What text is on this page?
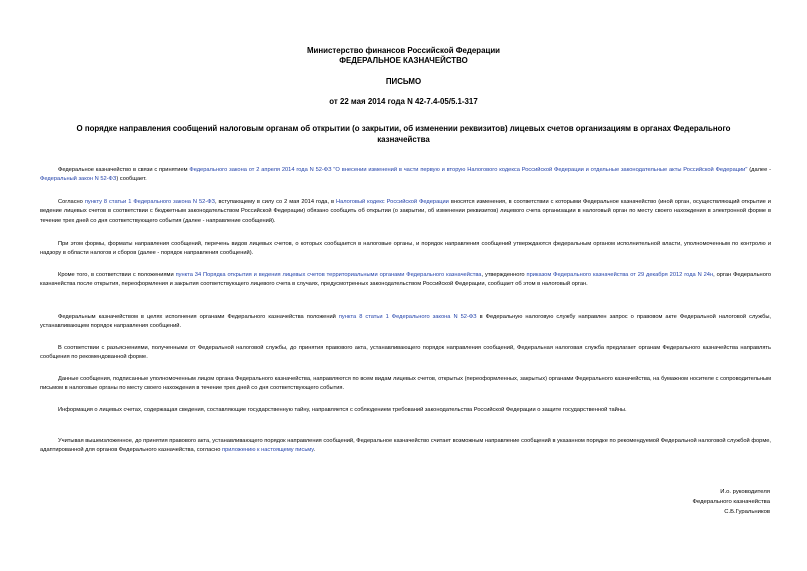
Министерство финансов Российской Федерации
ФЕДЕРАЛЬНОЕ КАЗНАЧЕЙСТВО
ПИСЬМО
от 22 мая 2014 года N 42-7.4-05/5.1-317
О порядке направления сообщений налоговым органам об открытии (о закрытии, об изменении реквизитов) лицевых счетов организациям в органах Федерального казначейства
Федеральное казначейство в связи с принятием Федерального закона от 2 апреля 2014 года N 52-ФЗ "О внесении изменений в части первую и вторую Налогового кодекса Российской Федерации и отдельные законодательные акты Российской Федерации" (далее - Федеральный закон N 52-ФЗ) сообщает.
Согласно пункту 8 статьи 1 Федерального закона N 52-ФЗ, вступающему в силу со 2 мая 2014 года, в Налоговый кодекс Российской Федерации вносятся изменения, в соответствии с которыми Федеральное казначейство (иной орган, осуществляющий открытие и ведение лицевых счетов в соответствии с бюджетным законодательством Российской Федерации) обязано сообщить об открытии (о закрытии, об изменении реквизитов) лицевого счета организации в налоговый орган по месту своего нахождения в электронной форме в течение трех дней со дня соответствующего события (далее - направление сообщений).
При этом формы, форматы направления сообщений, перечень видов лицевых счетов, о которых сообщается в налоговые органы, и порядок направления сообщений утверждаются федеральным органом исполнительной власти, уполномоченным по контролю и надзору в области налогов и сборов (далее - порядок направления сообщений).
Кроме того, в соответствии с положениями пункта 34 Порядка открытия и ведения лицевых счетов территориальными органами Федерального казначейства, утвержденного приказом Федерального казначейства от 29 декабря 2012 года N 24н, орган Федерального казначейства после открытия, переоформления и закрытия соответствующего лицевого счета в случаях, предусмотренных законодательством Российской Федерации, сообщает об этом в налоговый орган.
Федеральным казначейством в целях исполнения органами Федерального казначейства положений пункта 8 статьи 1 Федерального закона N 52-ФЗ в Федеральную налоговую службу направлен запрос о правовом акте Федеральной налоговой службы, устанавливающем порядок направления сообщений.
В соответствии с разъяснениями, полученными от Федеральной налоговой службы, до принятия правового акта, устанавливающего порядок направления сообщений, Федеральная налоговая служба предлагает органам Федерального казначейства направлять сообщения по рекомендованной форме.
Данные сообщения, подписанные уполномоченным лицом органа Федерального казначейства, направляются по всем видам лицевых счетов, открытых (переоформленных, закрытых) органами Федерального казначейства, на бумажном носителе с сопроводительным письмом в налоговые органы по месту своего нахождения в течение трех дней со дня соответствующего события.
Информация о лицевых счетах, содержащая сведения, составляющие государственную тайну, направляется с соблюдением требований законодательства Российской Федерации о защите государственной тайны.
Учитывая вышеизложенное, до принятия правового акта, устанавливающего порядок направления сообщений, Федеральное казначейство считает возможным направление сообщений в указанном порядке по рекомендуемой Федеральной налоговой службой форме, адаптированной для органов Федерального казначейства, согласно приложению к настоящему письму.
И.о. руководителя
Федерального казначейства
С.Б.Гуральников
